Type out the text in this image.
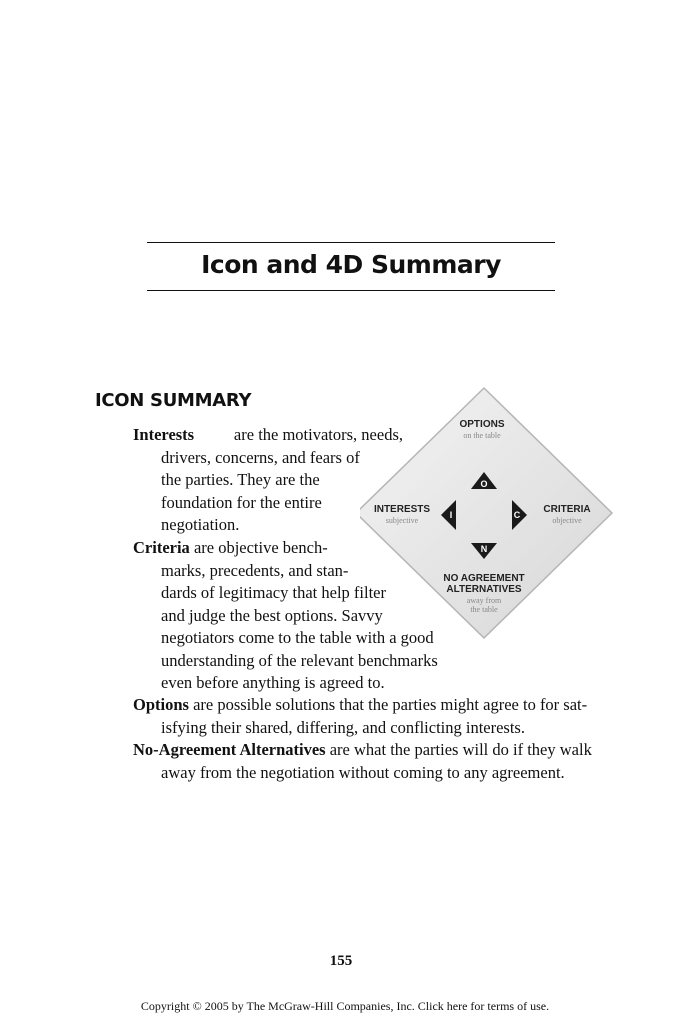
Icon and 4D Summary
ICON SUMMARY
OPTIONS
on the table
O
INTERESTS
subjective
I	C CRITERIA
objective
N
NO AGREEMENT
ALTERNATIVES
away from
the table
Interests are the motivators, needs,
drivers, concerns, and fears of
the parties. They are the
foundation for the entire
negotiation.
Criteria are objective bench-
marks, precedents, and stan-
dards of legitimacy that help filter
and judge the best options. Savvy
negotiators come to the table with a good
understanding of the relevant benchmarks
even before anything is agreed to.
Options are possible solutions that the parties might agree to for sat-
isfying their shared, differing, and conflicting interests.
No-Agreement Alternatives are what the parties will do if they walk
away from the negotiation without coming to any agreement.
155
Copyright © 2005 by The McGraw-Hill Companies, Inc. Click here for terms of use.
